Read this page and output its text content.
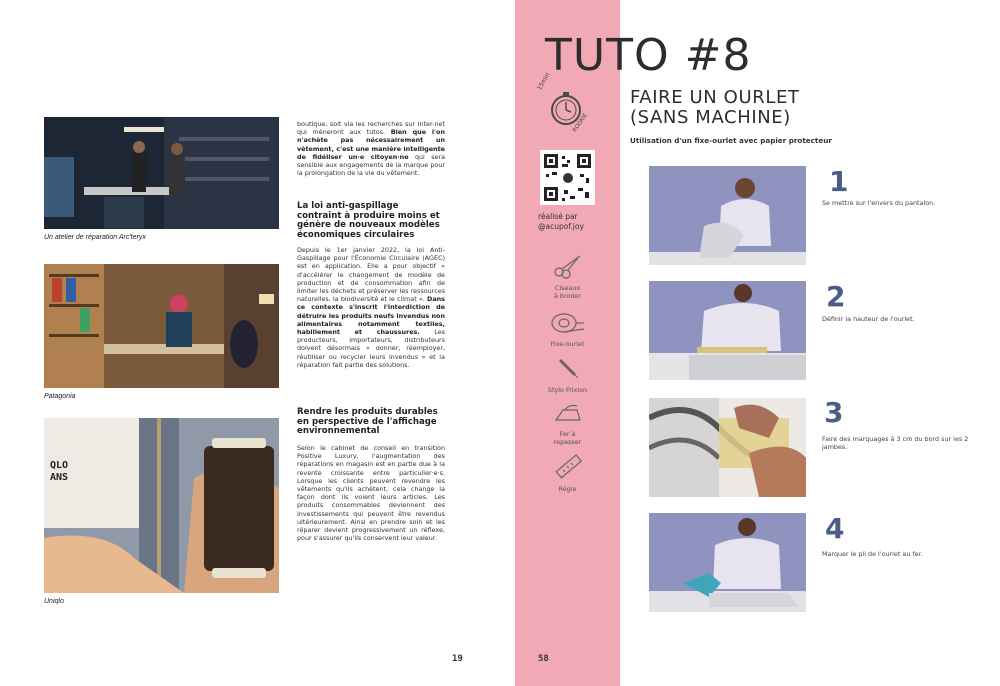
Un atelier de réparation Arc'teryx
Patagonia
QLO
ANS
Uniqlo

boutique, soit via les recherches sur Inter-net qui mèneront aux tutos. Bien que l'on n'achète pas nécessairement un vêtement, c'est une manière intelligente de fidéliser un·e citoyen·ne qui sera sensible aux engagements de la marque pour la prolongation de la vie du vêtement.

La loi anti-gaspillage contraint à produire moins et génère de nouveaux modèles économiques circulaires

Depuis le 1er janvier 2022, la loi Anti-Gaspillage pour l'Économie Circulaire (AGEC) est en application. Elle a pour objectif « d'accélérer le changement de modèle de production et de consommation afin de limiter les déchets et préserver les ressources naturelles, la biodiversité et le climat ». Dans ce contexte s'inscrit l'interdiction de détruire les produits neufs invendus non alimentaires notamment textiles, habillement et chaussures. Les producteurs, importateurs, distributeurs doivent désormais « donner, réemployer, réutiliser ou recycler leurs invendus » et la réparation fait partie des solutions.

Rendre les produits durables en perspective de l'affichage environnemental

Selon le cabinet de conseil en transition Positive Luxury, l'augmentation des réparations en magasin est en partie due à la revente croissante entre particulier·e·s. Lorsque les clients peuvent revendre les vêtements qu'ils achètent, cela change la façon dont ils voient leurs articles. Les produits consommables deviennent des investissements qui peuvent être revendus ultérieurement. Ainsi en prendre soin et les réparer devient progressivement un réflexe, pour s'assurer qu'ils conservent leur valeur.

19
15min
ROOKIE
réalisé par
@acupof.joy
Ciseaux
à broder
Fixe-ourlet
Stylo Frixion
Fer à
repasser
Règle
58
TUTO #8
FAIRE UN OURLET
(SANS MACHINE)
Utilisation d'un fixe-ourlet avec papier protecteur
1
Se mettre sur l'envers du pantalon.
2
Définir la hauteur de l'ourlet.
3
Faire des marquages à 3 cm du bord sur les 2 jambes.
4
Marquer le pli de l'ourlet au fer.
